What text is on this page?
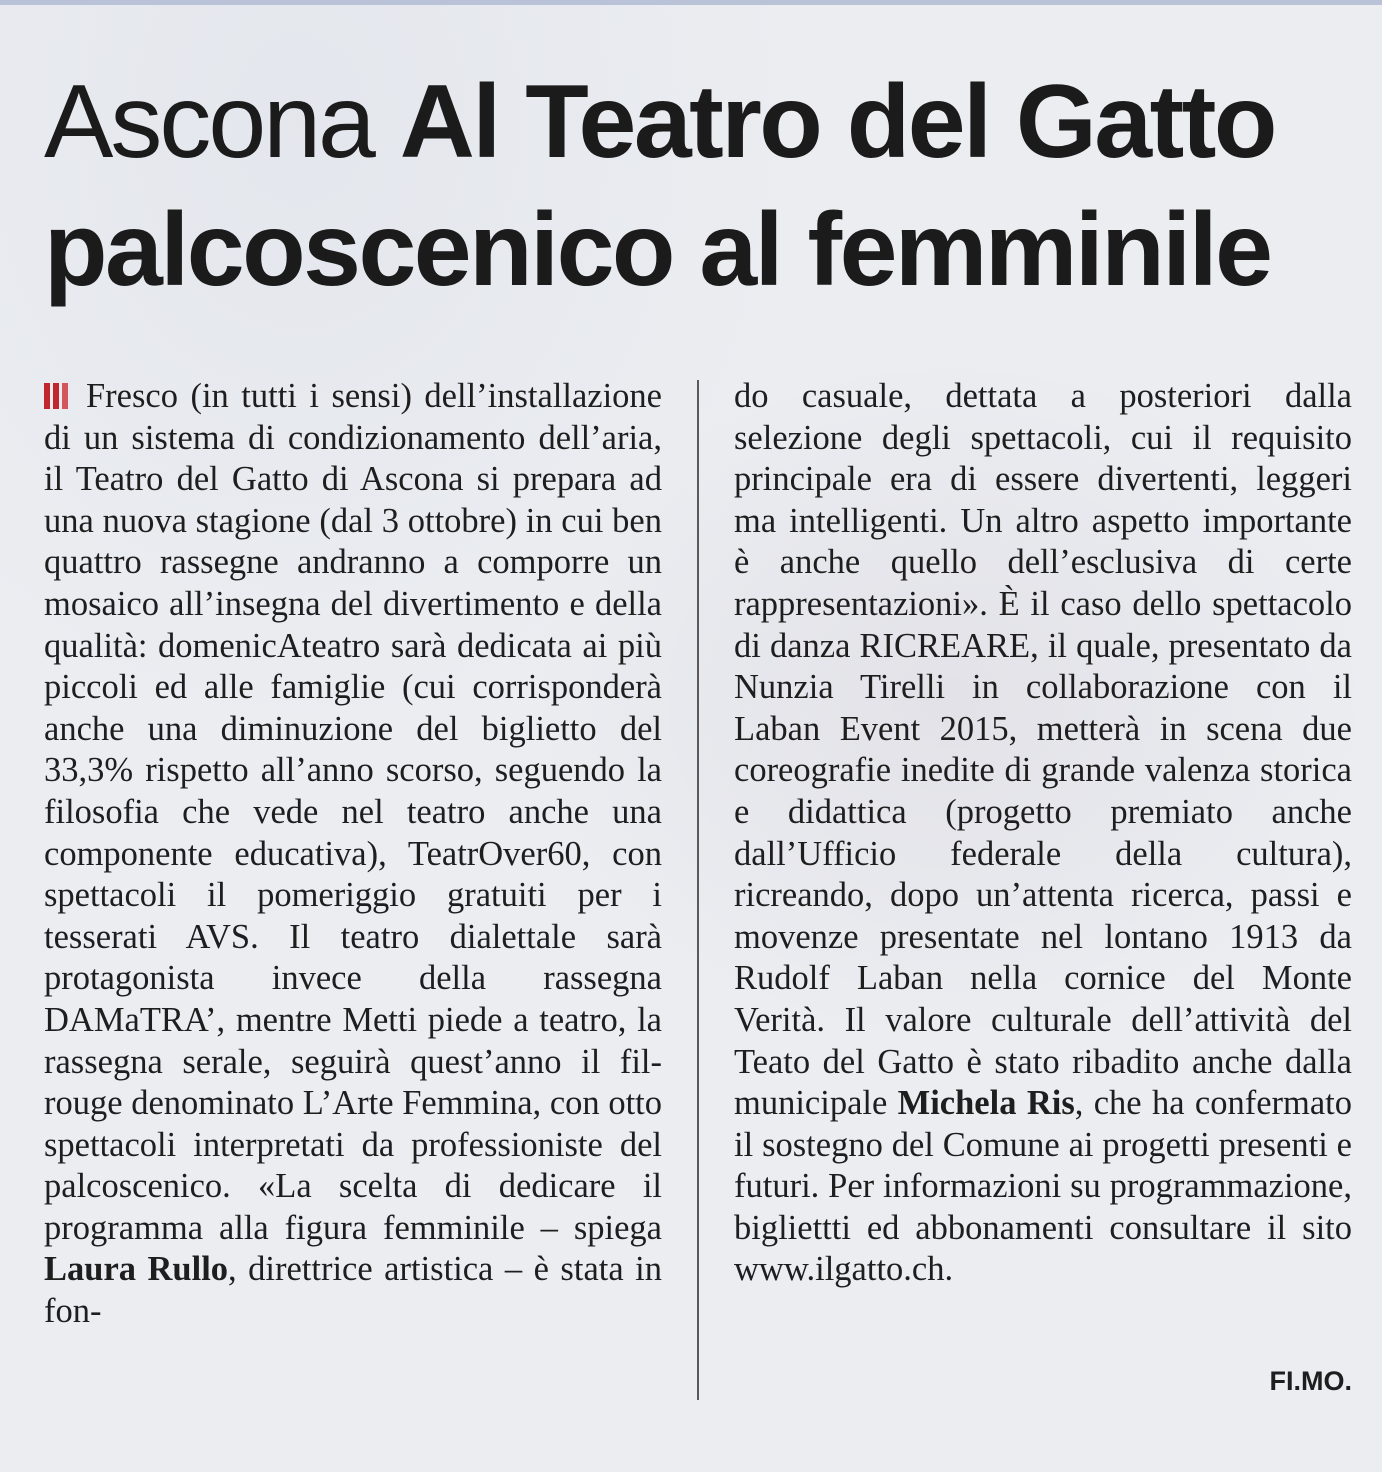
Ascona Al Teatro del Gatto
palcoscenico al femminile

Fresco (in tutti i sensi) dell’installazione di un sistema di condizionamento dell’aria, il Teatro del Gatto di Ascona si prepara ad una nuova stagione (dal 3 ottobre) in cui ben quattro rassegne andranno a comporre un mosaico all’insegna del divertimento e della qualità: domenicAteatro sarà dedicata ai più piccoli ed alle famiglie (cui corrisponderà anche una diminuzione del biglietto del 33,3% rispetto all’anno scorso, seguendo la filosofia che vede nel teatro anche una componente educativa), TeatrOver60, con spettacoli il pomeriggio gratuiti per i tesserati AVS. Il teatro dialettale sarà protagonista invece della rassegna DAMaTRA’, mentre Metti piede a teatro, la rassegna serale, seguirà quest’anno il fil-rouge denominato L’Arte Femmina, con otto spettacoli interpretati da professioniste del palcoscenico. «La scelta di dedicare il programma alla figura femminile – spiega Laura Rullo, direttrice artistica – è stata in fon-

do casuale, dettata a posteriori dalla selezione degli spettacoli, cui il requisito principale era di essere divertenti, leggeri ma intelligenti. Un altro aspetto importante è anche quello dell’esclusiva di certe rappresentazioni». È il caso dello spettacolo di danza RICREARE, il quale, presentato da Nunzia Tirelli in collaborazione con il Laban Event 2015, metterà in scena due coreografie inedite di grande valenza storica e didattica (progetto premiato anche dall’Ufficio federale della cultura), ricreando, dopo un’attenta ricerca, passi e movenze presentate nel lontano 1913 da Rudolf Laban nella cornice del Monte Verità. Il valore culturale dell’attività del Teato del Gatto è stato ribadito anche dalla municipale Michela Ris, che ha confermato il sostegno del Comune ai progetti presenti e futuri. Per informazioni su programmazione, bigliettti ed abbonamenti consultare il sito www.ilgatto.ch.

FI.MO.
